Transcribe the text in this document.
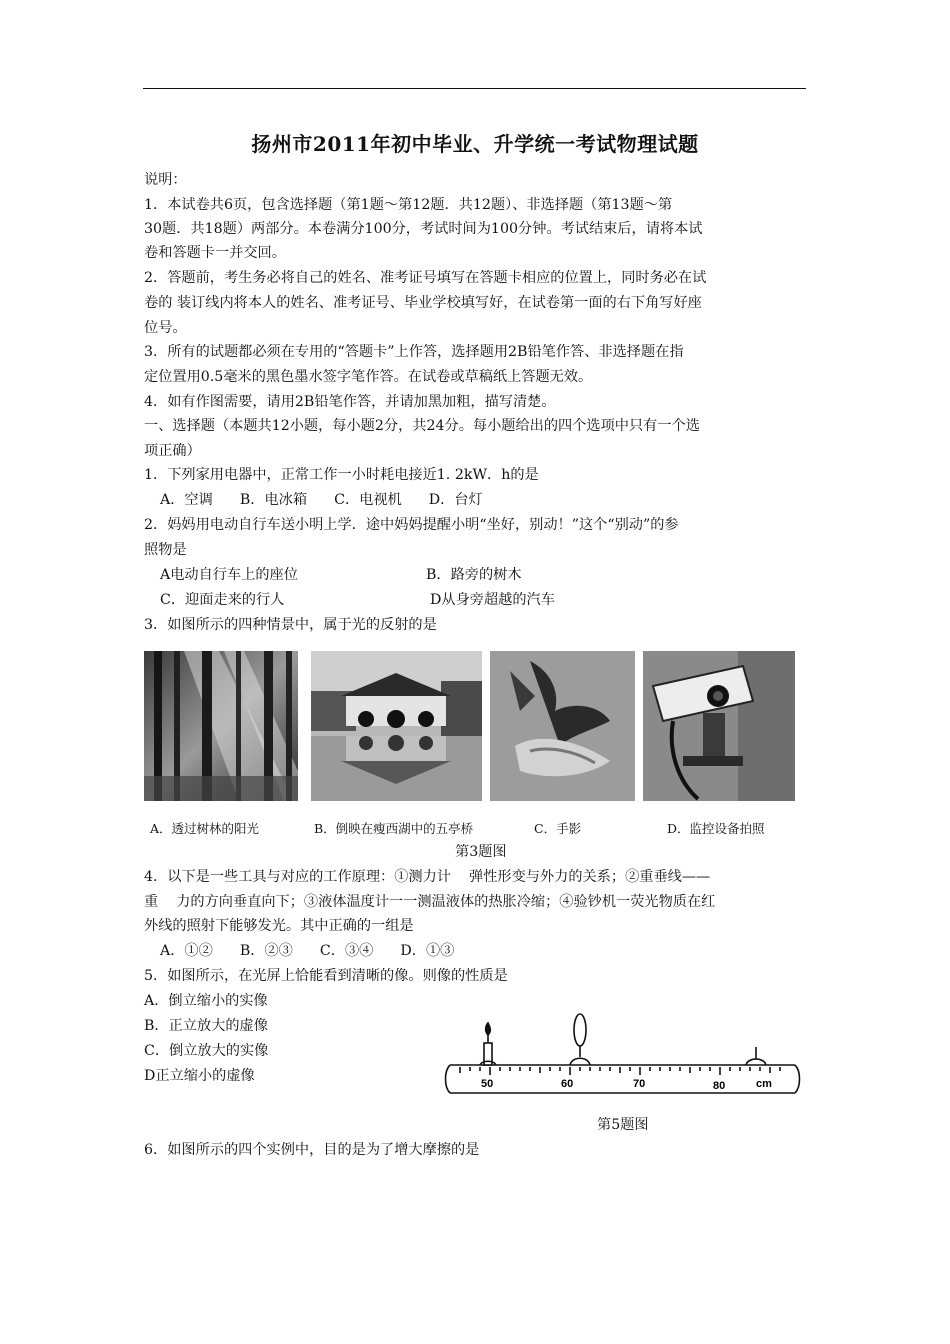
扬州市2011年初中毕业、升学统一考试物理试题
说明：
1．本试卷共6页，包含选择题（第1题～第12题．共12题）、非选择题（第13题～第
30题．共18题）两部分。本卷满分100分，考试时间为100分钟。考试结束后，请将本试
卷和答题卡一并交回。
2．答题前，考生务必将自己的姓名、准考证号填写在答题卡相应的位置上，同时务必在试
卷的 装订线内将本人的姓名、准考证号、毕业学校填写好，在试卷第一面的右下角写好座
位号。
3．所有的试题都必须在专用的“答题卡”上作答，选择题用2B铅笔作答、非选择题在指
定位置用0.5毫米的黑色墨水签字笔作答。在试卷或草稿纸上答题无效。
4．如有作图需要，请用2B铅笔作答，并请加黑加粗，描写清楚。
一、选择题（本题共12小题，每小题2分，共24分。每小题给出的四个选项中只有一个选
项正确）
1．下列家用电器中，正常工作一小时耗电接近1. 2kW．h的是
A．空调      B．电冰箱      C．电视机      D．台灯
2．妈妈用电动自行车送小明上学．途中妈妈提醒小明“坐好，别动！”这个“别动”的参
照物是
A电动自行车上的座位	B．路旁的树木
C．迎面走来的行人	D从身旁超越的汽车
3．如图所示的四种情景中，属于光的反射的是
A．透过树林的阳光	B．倒映在瘦西湖中的五亭桥	C．手影	D．监控设备拍照
第3题图
4．以下是一些工具与对应的工作原理：①测力计    弹性形变与外力的关系；②重垂线——
重    力的方向垂直向下；③液体温度计一一测温液体的热胀冷缩；④验钞机一荧光物质在红
外线的照射下能够发光。其中正确的一组是
A．①②      B．②③      C．③④      D．①③
5．如图所示，在光屏上恰能看到清晰的像。则像的性质是
A．倒立缩小的实像
B．正立放大的虚像
C．倒立放大的实像
D正立缩小的虚像	50	60	70	80	cm
第5题图
6．如图所示的四个实例中，目的是为了增大摩擦的是
